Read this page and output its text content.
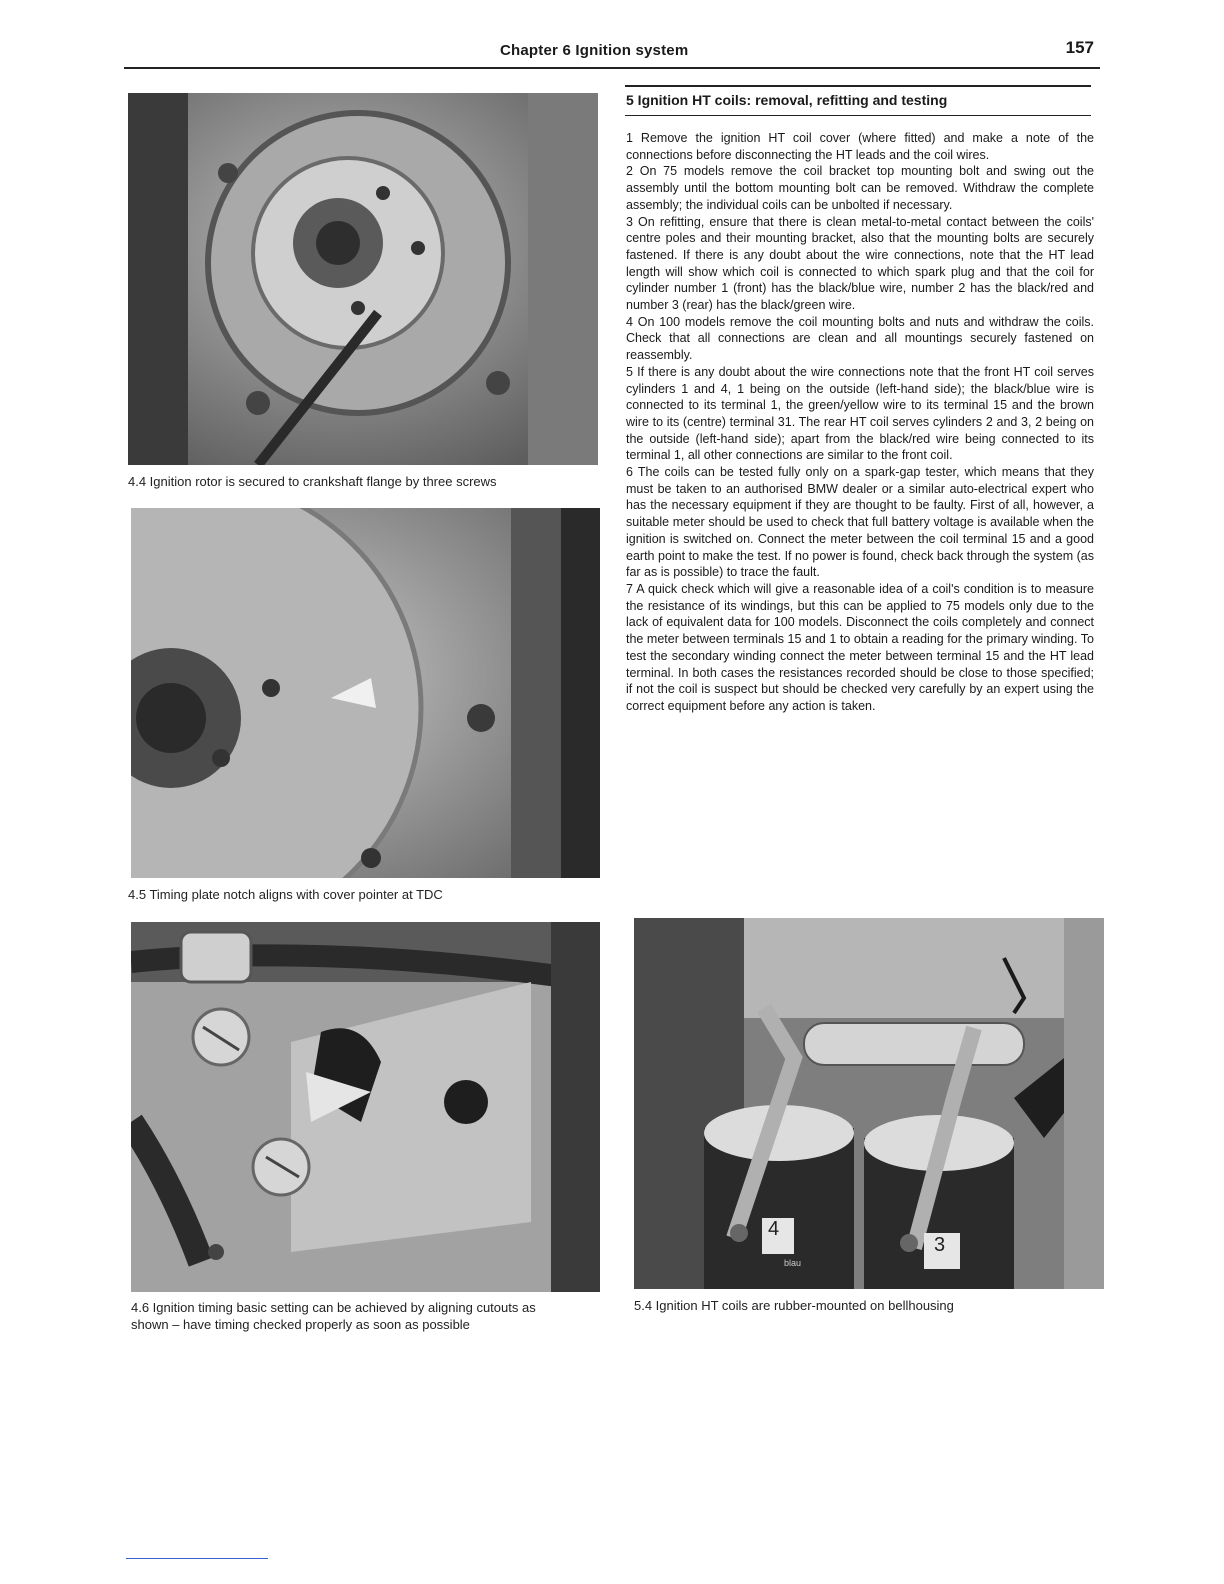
Chapter 6 Ignition system	157
4.4 Ignition rotor is secured to crankshaft flange by three screws
4.5 Timing plate notch aligns with cover pointer at TDC
4.6 Ignition timing basic setting can be achieved by aligning cutouts as shown – have timing checked properly as soon as possible
4
3
blau
5.4 Ignition HT coils are rubber-mounted on bellhousing
5 Ignition HT coils: removal, refitting and testing

1 Remove the ignition HT coil cover (where fitted) and make a note of the connections before disconnecting the HT leads and the coil wires.

2 On 75 models remove the coil bracket top mounting bolt and swing out the assembly until the bottom mounting bolt can be removed. Withdraw the complete assembly; the individual coils can be unbolted if necessary.

3 On refitting, ensure that there is clean metal-to-metal contact between the coils' centre poles and their mounting bracket, also that the mounting bolts are securely fastened. If there is any doubt about the wire connections, note that the HT lead length will show which coil is connected to which spark plug and that the coil for cylinder number 1 (front) has the black/blue wire, number 2 has the black/red and number 3 (rear) has the black/green wire.

4 On 100 models remove the coil mounting bolts and nuts and withdraw the coils. Check that all connections are clean and all mountings securely fastened on reassembly.

5 If there is any doubt about the wire connections note that the front HT coil serves cylinders 1 and 4, 1 being on the outside (left-hand side); the black/blue wire is connected to its terminal 1, the green/yellow wire to its terminal 15 and the brown wire to its (centre) terminal 31. The rear HT coil serves cylinders 2 and 3, 2 being on the outside (left-hand side); apart from the black/red wire being connected to its terminal 1, all other connections are similar to the front coil.

6 The coils can be tested fully only on a spark-gap tester, which means that they must be taken to an authorised BMW dealer or a similar auto-electrical expert who has the necessary equipment if they are thought to be faulty. First of all, however, a suitable meter should be used to check that full battery voltage is available when the ignition is switched on. Connect the meter between the coil terminal 15 and a good earth point to make the test. If no power is found, check back through the system (as far as is possible) to trace the fault.

7 A quick check which will give a reasonable idea of a coil's condition is to measure the resistance of its windings, but this can be applied to 75 models only due to the lack of equivalent data for 100 models. Disconnect the coils completely and connect the meter between terminals 15 and 1 to obtain a reading for the primary winding. To test the secondary winding connect the meter between terminal 15 and the HT lead terminal. In both cases the resistances recorded should be close to those specified; if not the coil is suspect but should be checked very carefully by an expert using the correct equipment before any action is taken.
